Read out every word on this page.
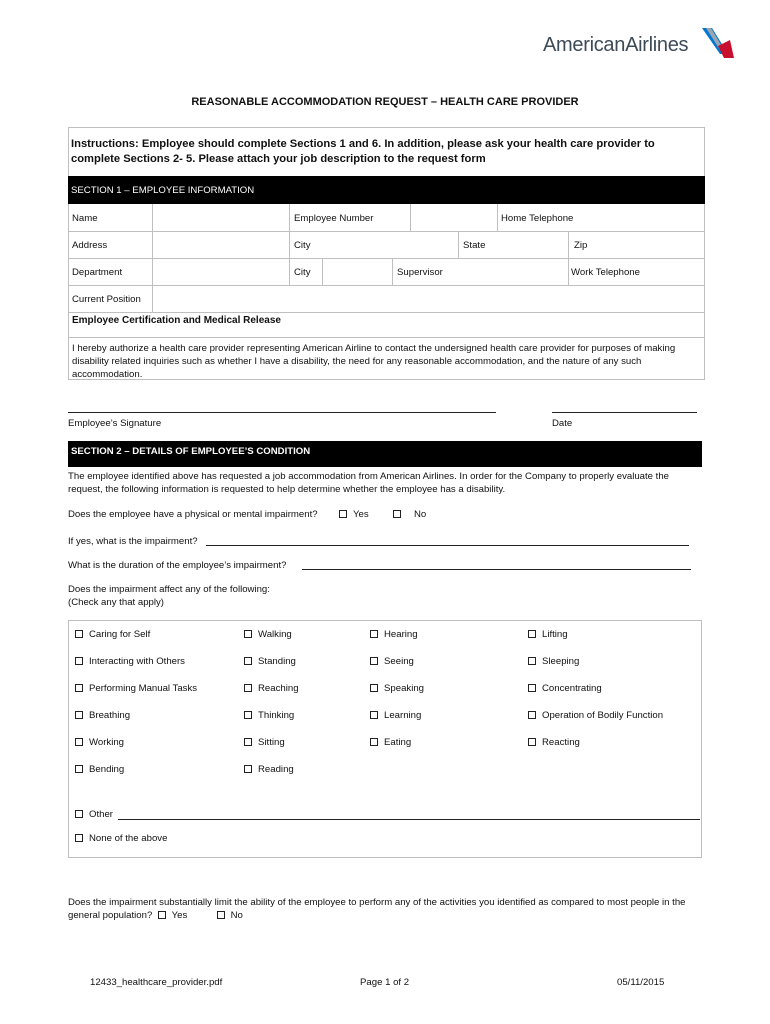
AmericanAirlines
REASONABLE ACCOMMODATION REQUEST – HEALTH CARE PROVIDER
Instructions: Employee should complete Sections 1 and 6. In addition, please ask your health care provider to complete Sections 2- 5. Please attach your job description to the request form
SECTION 1 – EMPLOYEE INFORMATION
Name	Employee Number	Home Telephone
Address	City	State	Zip
Department	City	Supervisor	Work Telephone
Current Position
Employee Certification and Medical Release
I hereby authorize a health care provider representing American Airline to contact the undersigned health care provider for purposes of making disability related inquiries such as whether I have a disability, the need for any reasonable accommodation, and the nature of any such accommodation.
Employee’s Signature	Date
SECTION 2 – DETAILS OF EMPLOYEE’S CONDITION
The employee identified above has requested a job accommodation from American Airlines. In order for the Company to properly evaluate the request, the following information is requested to help determine whether the employee has a disability.
Does the employee have a physical or mental impairment?	Yes	No
If yes, what is the impairment?
What is the duration of the employee’s impairment?
Does the impairment affect any of the following:
(Check any that apply)
Caring for Self	Walking	Hearing	Lifting
Interacting with Others	Standing	Seeing	Sleeping
Performing Manual Tasks	Reaching	Speaking	Concentrating
Breathing	Thinking	Learning	Operation of Bodily Function
Working	Sitting	Eating	Reacting
Bending	Reading
Other
None of the above
Does the impairment substantially limit the ability of the employee to perform any of the activities you identified as compared to most people in the general population? Yes	No
12433_healthcare_provider.pdf	Page 1 of 2	05/11/2015
